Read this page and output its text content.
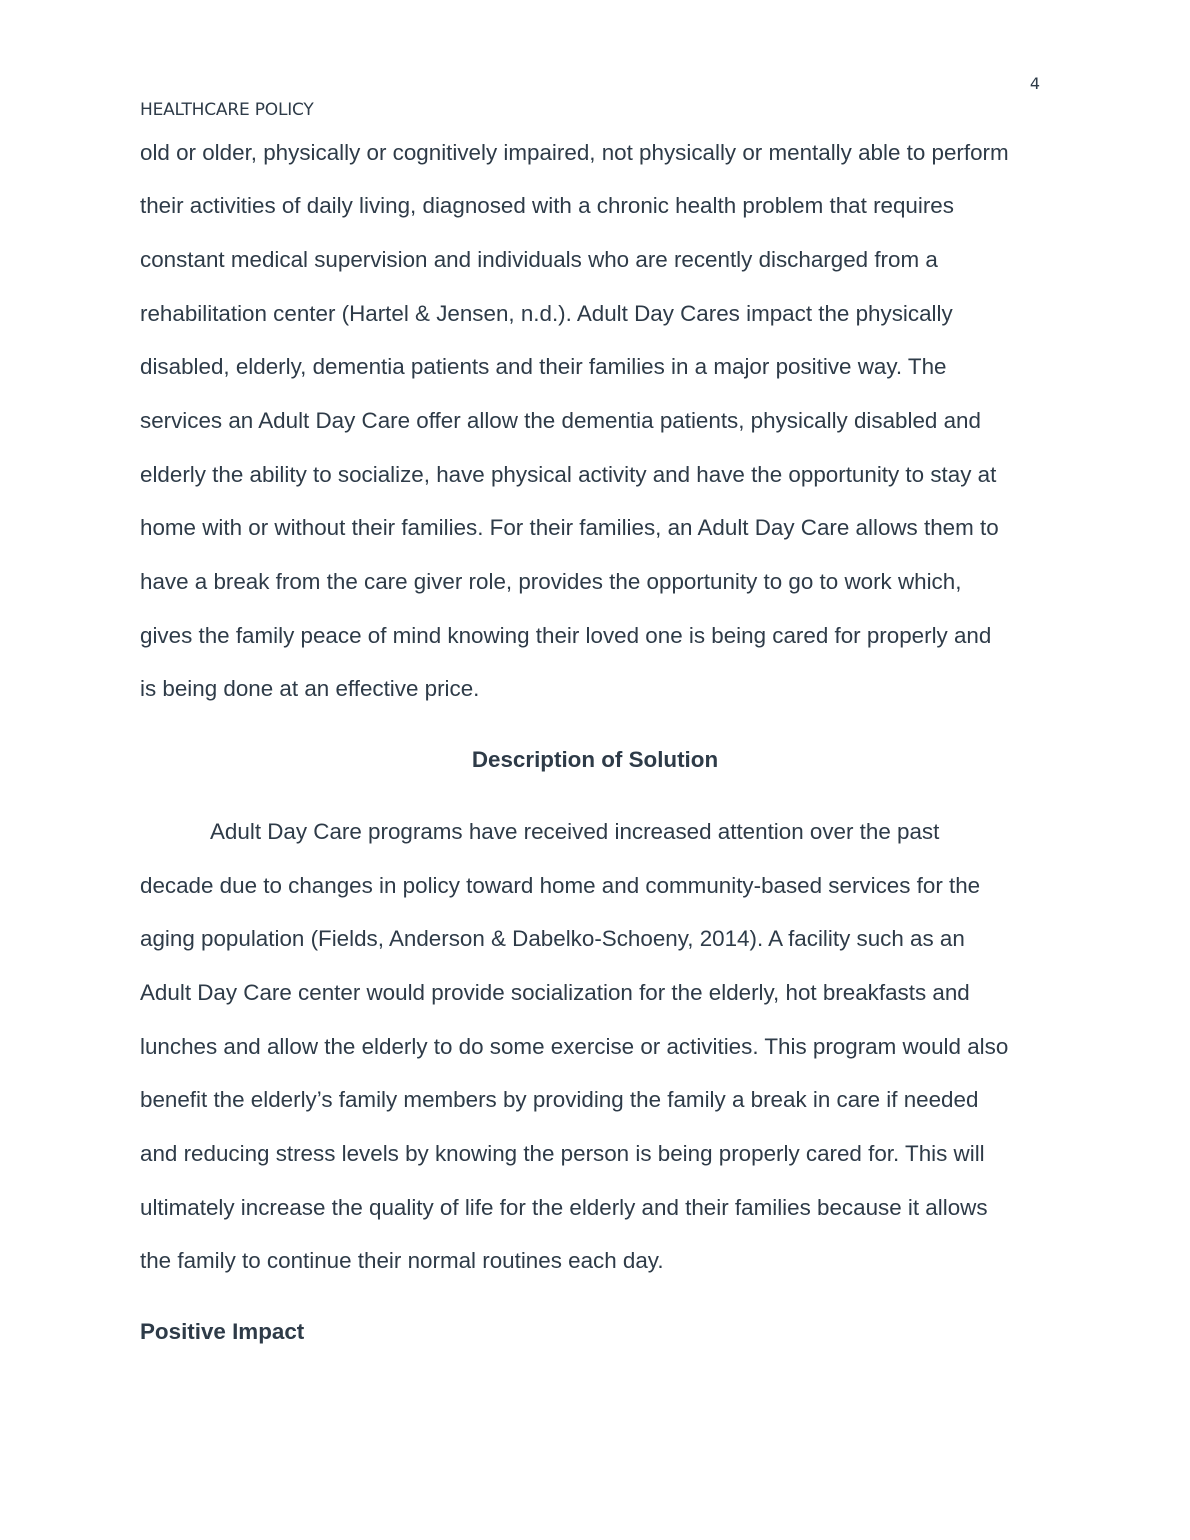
4
HEALTHCARE POLICY
old or older, physically or cognitively impaired, not physically or mentally able to perform
their activities of daily living, diagnosed with a chronic health problem that requires
constant medical supervision and individuals who are recently discharged from a
rehabilitation center (Hartel & Jensen, n.d.). Adult Day Cares impact the physically
disabled, elderly, dementia patients and their families in a major positive way. The
services an Adult Day Care offer allow the dementia patients, physically disabled and
elderly the ability to socialize, have physical activity and have the opportunity to stay at
home with or without their families. For their families, an Adult Day Care allows them to
have a break from the care giver role, provides the opportunity to go to work which,
gives the family peace of mind knowing their loved one is being cared for properly and
is being done at an effective price.
Description of Solution
Adult Day Care programs have received increased attention over the past
decade due to changes in policy toward home and community-based services for the
aging population (Fields, Anderson & Dabelko-Schoeny, 2014). A facility such as an
Adult Day Care center would provide socialization for the elderly, hot breakfasts and
lunches and allow the elderly to do some exercise or activities. This program would also
benefit the elderly’s family members by providing the family a break in care if needed
and reducing stress levels by knowing the person is being properly cared for. This will
ultimately increase the quality of life for the elderly and their families because it allows
the family to continue their normal routines each day.
Positive Impact
